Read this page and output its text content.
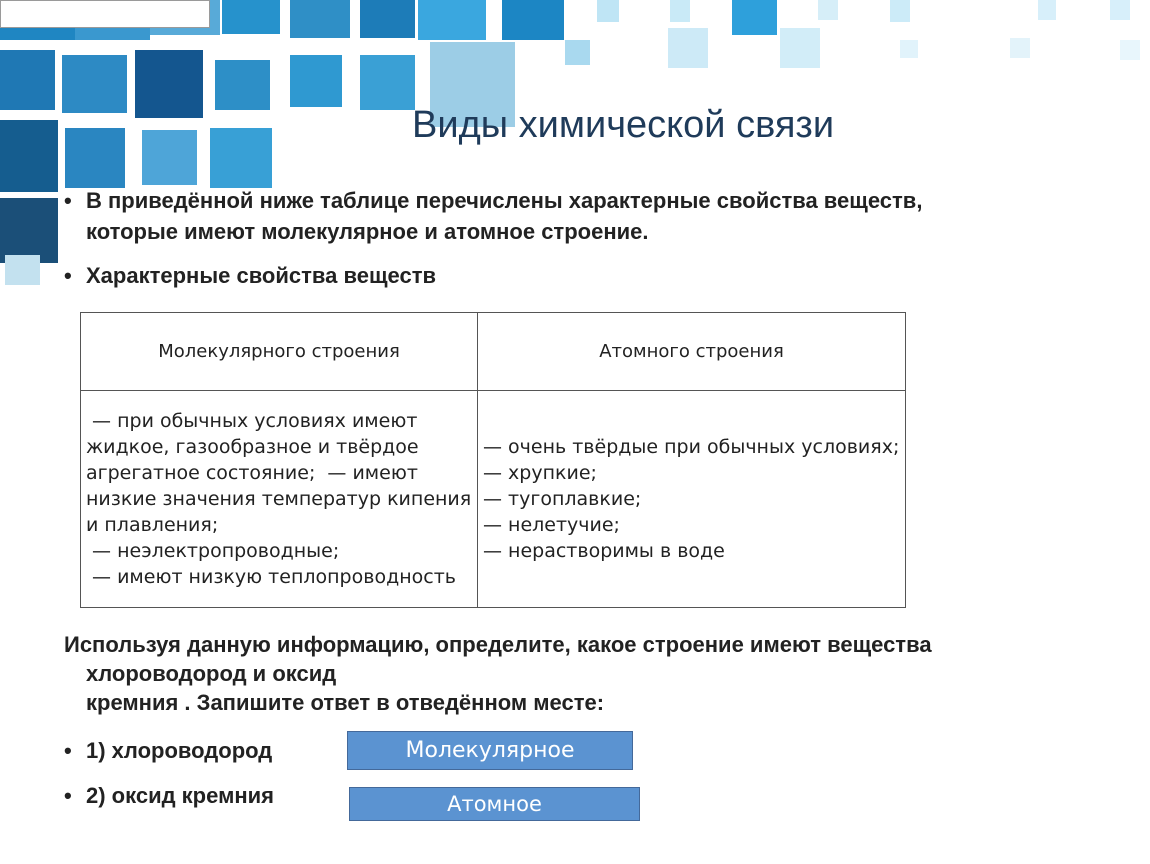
Виды химической связи
• В приведённой ниже таблице перечислены характерные свойства веществ,
которые имеют молекулярное и атомное строение.
• Характерные свойства веществ
Молекулярного строения	Атомного строения
— при обычных условиях имеют жидкое, газообразное и твёрдое агрегатное состояние;  — имеют низкие значения температур кипения и плавления;
— неэлектропроводные;
— имеют низкую теплопроводность	— очень твёрдые при обычных условиях;
— хрупкие;
— тугоплавкие;
— нелетучие;
— нерастворимы в воде
Используя данную информацию, определите, какое строение имеют вещества
хлороводород и оксид
кремния . Запишите ответ в отведённом месте:
• 1) хлороводород	Молекулярное
• 2) оксид кремния	Атомное
